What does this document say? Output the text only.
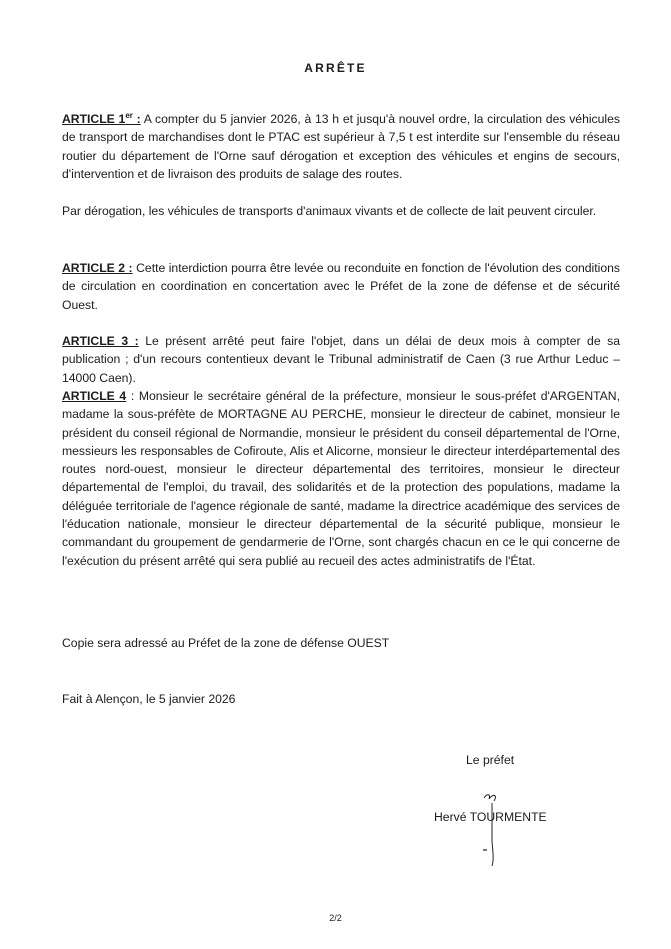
ARRÊTE
ARTICLE 1er : A compter du 5 janvier 2026, à 13 h et jusqu'à nouvel ordre, la circulation des véhicules de transport de marchandises dont le PTAC est supérieur à 7,5 t est interdite sur l'ensemble du réseau routier du département de l'Orne sauf dérogation et exception des véhicules et engins de secours, d'intervention et de livraison des produits de salage des routes.
Par dérogation, les véhicules de transports d'animaux vivants et de collecte de lait peuvent circuler.
ARTICLE 2 : Cette interdiction pourra être levée ou reconduite en fonction de l'évolution des conditions de circulation en coordination en concertation avec le Préfet de la zone de défense et de sécurité Ouest.
ARTICLE 3 : Le présent arrêté peut faire l'objet, dans un délai de deux mois à compter de sa publication ; d'un recours contentieux devant le Tribunal administratif de Caen (3 rue Arthur Leduc – 14000 Caen).
ARTICLE 4 : Monsieur le secrétaire général de la préfecture, monsieur le sous-préfet d'ARGENTAN, madame la sous-préfète de MORTAGNE AU PERCHE, monsieur le directeur de cabinet, monsieur le président du conseil régional de Normandie, monsieur le président du conseil départemental de l'Orne, messieurs les responsables de Cofiroute, Alis et Alicorne, monsieur le directeur interdépartemental des routes nord-ouest, monsieur le directeur départemental des territoires, monsieur le directeur départemental de l'emploi, du travail, des solidarités et de la protection des populations, madame la déléguée territoriale de l'agence régionale de santé, madame la directrice académique des services de l'éducation nationale, monsieur le directeur départemental de la sécurité publique, monsieur le commandant du groupement de gendarmerie de l'Orne, sont chargés chacun en ce le qui concerne de l'exécution du présent arrêté qui sera publié au recueil des actes administratifs de l'État.
Copie sera adressé au Préfet de la zone de défense OUEST
Fait à Alençon, le 5 janvier 2026
Le préfet
Hervé TOURMENTE
2/2
